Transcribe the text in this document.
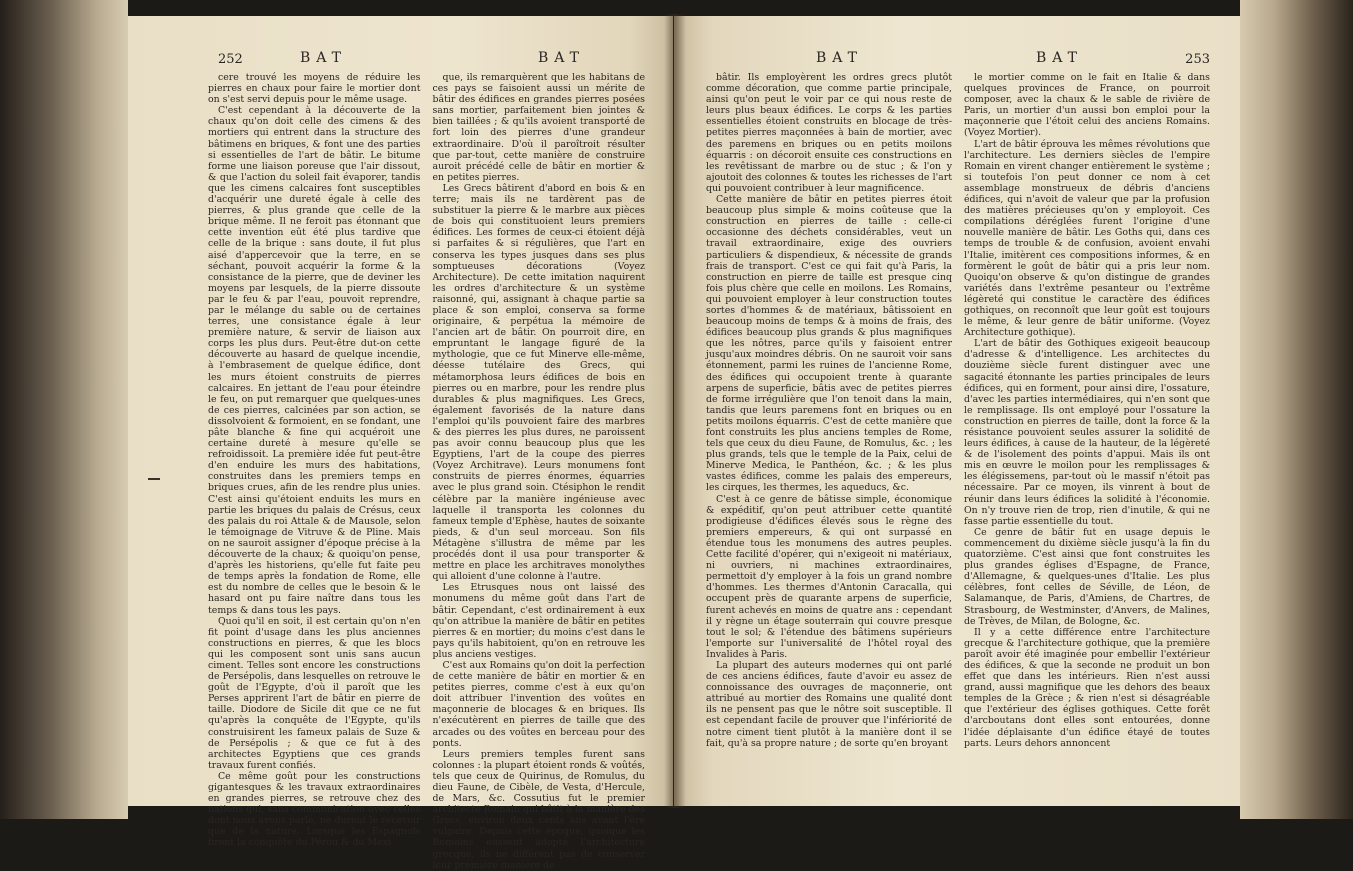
252	BAT	BAT

cere trouvé les moyens de réduire les pierres en chaux pour faire le mortier dont on s'est servi depuis pour le même usage.

C'est cependant à la découverte de la chaux qu'on doit celle des cimens & des mortiers qui entrent dans la structure des bâtimens en briques, & font une des parties si essentielles de l'art de bâtir. Le bitume forme une liaison poreuse que l'air dissout, & que l'action du soleil fait évaporer, tandis que les cimens calcaires font susceptibles d'acquérir une dureté égale à celle des pierres, & plus grande que celle de la brique même. Il ne feroit pas étonnant que cette invention eût été plus tardive que celle de la brique : sans doute, il fut plus aisé d'appercevoir que la terre, en se séchant, pouvoit acquérir la forme & la consistance de la pierre, que de deviner les moyens par lesquels, de la pierre dissoute par le feu & par l'eau, pouvoit reprendre, par le mélange du sable ou de certaines terres, une consistance égale à leur première nature, & servir de liaison aux corps les plus durs. Peut-être dut-on cette découverte au hasard de quelque incendie, à l'embrasement de quelque édifice, dont les murs étoient construits de pierres calcaires. En jettant de l'eau pour éteindre le feu, on put remarquer que quelques-unes de ces pierres, calcinées par son action, se dissolvoient & formoient, en se fondant, une pâte blanche & fine qui acquéroit une certaine dureté à mesure qu'elle se refroidissoit. La première idée fut peut-être d'en enduire les murs des habitations, construites dans les premiers temps en briques crues, afin de les rendre plus unies. C'est ainsi qu'étoient enduits les murs en partie les briques du palais de Crésus, ceux des palais du roi Attale & de Mausole, selon le témoignage de Vitruve & de Pline. Mais on ne sauroit assigner d'époque précise à la découverte de la chaux; & quoiqu'on pense, d'après les historiens, qu'elle fut faite peu de temps après la fondation de Rome, elle est du nombre de celles que le besoin & le hasard ont pu faire naître dans tous les temps & dans tous les pays.

Quoi qu'il en soit, il est certain qu'on n'en fit point d'usage dans les plus anciennes constructions en pierres, & que les blocs qui les composent sont unis sans aucun ciment. Telles sont encore les constructions de Persépolis, dans lesquelles on retrouve le goût de l'Egypte, d'où il paroît que les Perses apprirent l'art de bâtir en pierre de taille. Diodore de Sicile dit que ce ne fut qu'après la conquête de l'Egypte, qu'ils construisirent les fameux palais de Suze & de Persépolis ; & que ce fut à des architectes Egyptiens que ces grands travaux furent confiés.

Ce même goût pour les constructions gigantesques & les travaux extraordinaires en grandes pierres, se retrouve chez des nations qui, sans communication avec celles dont nous avons parlé, ne durent le recevoir que de la nature. Lorsque les Espagnols firent la conquête du Pérou & du Mexi-

que, ils remarquèrent que les habitans de ces pays se faisoient aussi un mérite de bâtir des édifices en grandes pierres posées sans mortier, parfaitement bien jointes & bien taillées ; & qu'ils avoient transporté de fort loin des pierres d'une grandeur extraordinaire. D'où il paroîtroit résulter que par-tout, cette manière de construire auroit précédé celle de bâtir en mortier & en petites pierres.

Les Grecs bâtirent d'abord en bois & en terre; mais ils ne tardèrent pas de substituer la pierre & le marbre aux pièces de bois qui constituoient leurs premiers édifices. Les formes de ceux-ci étoient déjà si parfaites & si régulières, que l'art en conserva les types jusques dans ses plus somptueuses décorations (Voyez Architecture). De cette imitation naquirent les ordres d'architecture & un système raisonné, qui, assignant à chaque partie sa place & son emploi, conserva sa forme originaire, & perpétua la mémoire de l'ancien art de bâtir. On pourroit dire, en empruntant le langage figuré de la mythologie, que ce fut Minerve elle-même, déesse tutélaire des Grecs, qui métamorphosa leurs édifices de bois en pierres ou en marbre, pour les rendre plus durables & plus magnifiques. Les Grecs, également favorisés de la nature dans l'emploi qu'ils pouvoient faire des marbres & des pierres les plus dures, ne paroissent pas avoir connu beaucoup plus que les Egyptiens, l'art de la coupe des pierres (Voyez Architrave). Leurs monumens font construits de pierres énormes, équarries avec le plus grand soin. Ctésiphon le rendit célèbre par la manière ingénieuse avec laquelle il transporta les colonnes du fameux temple d'Ephèse, hautes de soixante pieds, & d'un seul morceau. Son fils Métagène s'illustra de même par les procédés dont il usa pour transporter & mettre en place les architraves monolythes qui alloient d'une colonne à l'autre.

Les Etrusques nous ont laissé des monumens du même goût dans l'art de bâtir. Cependant, c'est ordinairement à eux qu'on attribue la manière de bâtir en petites pierres & en mortier; du moins c'est dans le pays qu'ils habitoient, qu'on en retrouve les plus anciens vestiges.

C'est aux Romains qu'on doit la perfection de cette manière de bâtir en mortier & en petites pierres, comme c'est à eux qu'on doit attribuer l'invention des voûtes en maçonnerie de blocages & en briques. Ils n'exécutèrent en pierres de taille que des arcades ou des voûtes en berceau pour des ponts.

Leurs premiers temples furent sans colonnes : la plupart étoient ronds & voûtés, tels que ceux de Quirinus, de Romulus, du dieu Faune, de Cibèle, de Vesta, d'Hercule, de Mars, &c. Cossutius fut le premier architecte Romain qui bâtit à la manière des Grecs, environ deux cents ans avant l'ère vulgaire. Depuis cette époque, quoique les Romains eussent adopté l'architecture grecque, ils ne différent pas de conserver leur première manière de

BAT	BAT	253

bâtir. Ils employèrent les ordres grecs plutôt comme décoration, que comme partie principale, ainsi qu'on peut le voir par ce qui nous reste de leurs plus beaux édifices. Le corps & les parties essentielles étoient construits en blocage de très-petites pierres maçonnées à bain de mortier, avec des paremens en briques ou en petits moilons équarris : on décoroit ensuite ces constructions en les revêtissant de marbre ou de stuc ; & l'on y ajoutoit des colonnes & toutes les richesses de l'art qui pouvoient contribuer à leur magnificence.

Cette manière de bâtir en petites pierres étoit beaucoup plus simple & moins coûteuse que la construction en pierres de taille : celle-ci occasionne des déchets considérables, veut un travail extraordinaire, exige des ouvriers particuliers & dispendieux, & nécessite de grands frais de transport. C'est ce qui fait qu'à Paris, la construction en pierre de taille est presque cinq fois plus chère que celle en moilons. Les Romains, qui pouvoient employer à leur construction toutes sortes d'hommes & de matériaux, bâtissoient en beaucoup moins de temps & à moins de frais, des édifices beaucoup plus grands & plus magnifiques que les nôtres, parce qu'ils y faisoient entrer jusqu'aux moindres débris. On ne sauroit voir sans étonnement, parmi les ruines de l'ancienne Rome, des édifices qui occupoient trente à quarante arpens de superficie, bâtis avec de petites pierres de forme irrégulière que l'on tenoit dans la main, tandis que leurs paremens font en briques ou en petits moilons équarris. C'est de cette manière que font construits les plus anciens temples de Rome, tels que ceux du dieu Faune, de Romulus, &c. ; les plus grands, tels que le temple de la Paix, celui de Minerve Medica, le Panthéon, &c. ; & les plus vastes édifices, comme les palais des empereurs, les cirques, les thermes, les aqueducs, &c.

C'est à ce genre de bâtisse simple, économique & expéditif, qu'on peut attribuer cette quantité prodigieuse d'édifices élevés sous le règne des premiers empereurs, & qui ont surpassé en étendue tous les monumens des autres peuples. Cette facilité d'opérer, qui n'exigeoit ni matériaux, ni ouvriers, ni machines extraordinaires, permettoit d'y employer à la fois un grand nombre d'hommes. Les thermes d'Antonin Caracalla, qui occupent près de quarante arpens de superficie, furent achevés en moins de quatre ans : cependant il y règne un étage souterrain qui couvre presque tout le sol; & l'étendue des bâtimens supérieurs l'emporte sur l'universalité de l'hôtel royal des Invalides à Paris.

La plupart des auteurs modernes qui ont parlé de ces anciens édifices, faute d'avoir eu assez de connoissance des ouvrages de maçonnerie, ont attribué au mortier des Romains une qualité dont ils ne pensent pas que le nôtre soit susceptible. Il est cependant facile de prouver que l'infériorité de notre ciment tient plutôt à la manière dont il se fait, qu'à sa propre nature ; de sorte qu'en broyant

le mortier comme on le fait en Italie & dans quelques provinces de France, on pourroit composer, avec la chaux & le sable de rivière de Paris, un mortier d'un aussi bon emploi pour la maçonnerie que l'étoit celui des anciens Romains. (Voyez Mortier).

L'art de bâtir éprouva les mêmes révolutions que l'architecture. Les derniers siècles de l'empire Romain en virent changer entièrement le système ; si toutefois l'on peut donner ce nom à cet assemblage monstrueux de débris d'anciens édifices, qui n'avoit de valeur que par la profusion des matières précieuses qu'on y employoit. Ces compilations déréglées furent l'origine d'une nouvelle manière de bâtir. Les Goths qui, dans ces temps de trouble & de confusion, avoient envahi l'Italie, imitèrent ces compositions informes, & en formèrent le goût de bâtir qui a pris leur nom. Quoiqu'on observe & qu'on distingue de grandes variétés dans l'extrême pesanteur ou l'extrême légèreté qui constitue le caractère des édifices gothiques, on reconnoît que leur goût est toujours le même, & leur genre de bâtir uniforme. (Voyez Architecture gothique).

L'art de bâtir des Gothiques exigeoit beaucoup d'adresse & d'intelligence. Les architectes du douzième siècle furent distinguer avec une sagacité étonnante les parties principales de leurs édifices, qui en forment, pour ainsi dire, l'ossature, d'avec les parties intermédiaires, qui n'en sont que le remplissage. Ils ont employé pour l'ossature la construction en pierres de taille, dont la force & la résistance pouvoient seules assurer la solidité de leurs édifices, à cause de la hauteur, de la légèreté & de l'isolement des points d'appui. Mais ils ont mis en œuvre le moilon pour les remplissages & les élégissemens, par-tout où le massif n'étoit pas nécessaire. Par ce moyen, ils vinrent à bout de réunir dans leurs édifices la solidité à l'économie. On n'y trouve rien de trop, rien d'inutile, & qui ne fasse partie essentielle du tout.

Ce genre de bâtir fut en usage depuis le commencement du dixième siècle jusqu'à la fin du quatorzième. C'est ainsi que font construites les plus grandes églises d'Espagne, de France, d'Allemagne, & quelques-unes d'Italie. Les plus célèbres, font celles de Séville, de Léon, de Salamanque, de Paris, d'Amiens, de Chartres, de Strasbourg, de Westminster, d'Anvers, de Malines, de Trèves, de Milan, de Bologne, &c.

Il y a cette différence entre l'architecture grecque & l'architecture gothique, que la première paroît avoir été imaginée pour embellir l'extérieur des édifices, & que la seconde ne produit un bon effet que dans les intérieurs. Rien n'est aussi grand, aussi magnifique que les dehors des beaux temples de la Grèce ; & rien n'est si désagréable que l'extérieur des églises gothiques. Cette forêt d'arcboutans dont elles sont entourées, donne l'idée déplaisante d'un édifice étayé de toutes parts. Leurs dehors annoncent
